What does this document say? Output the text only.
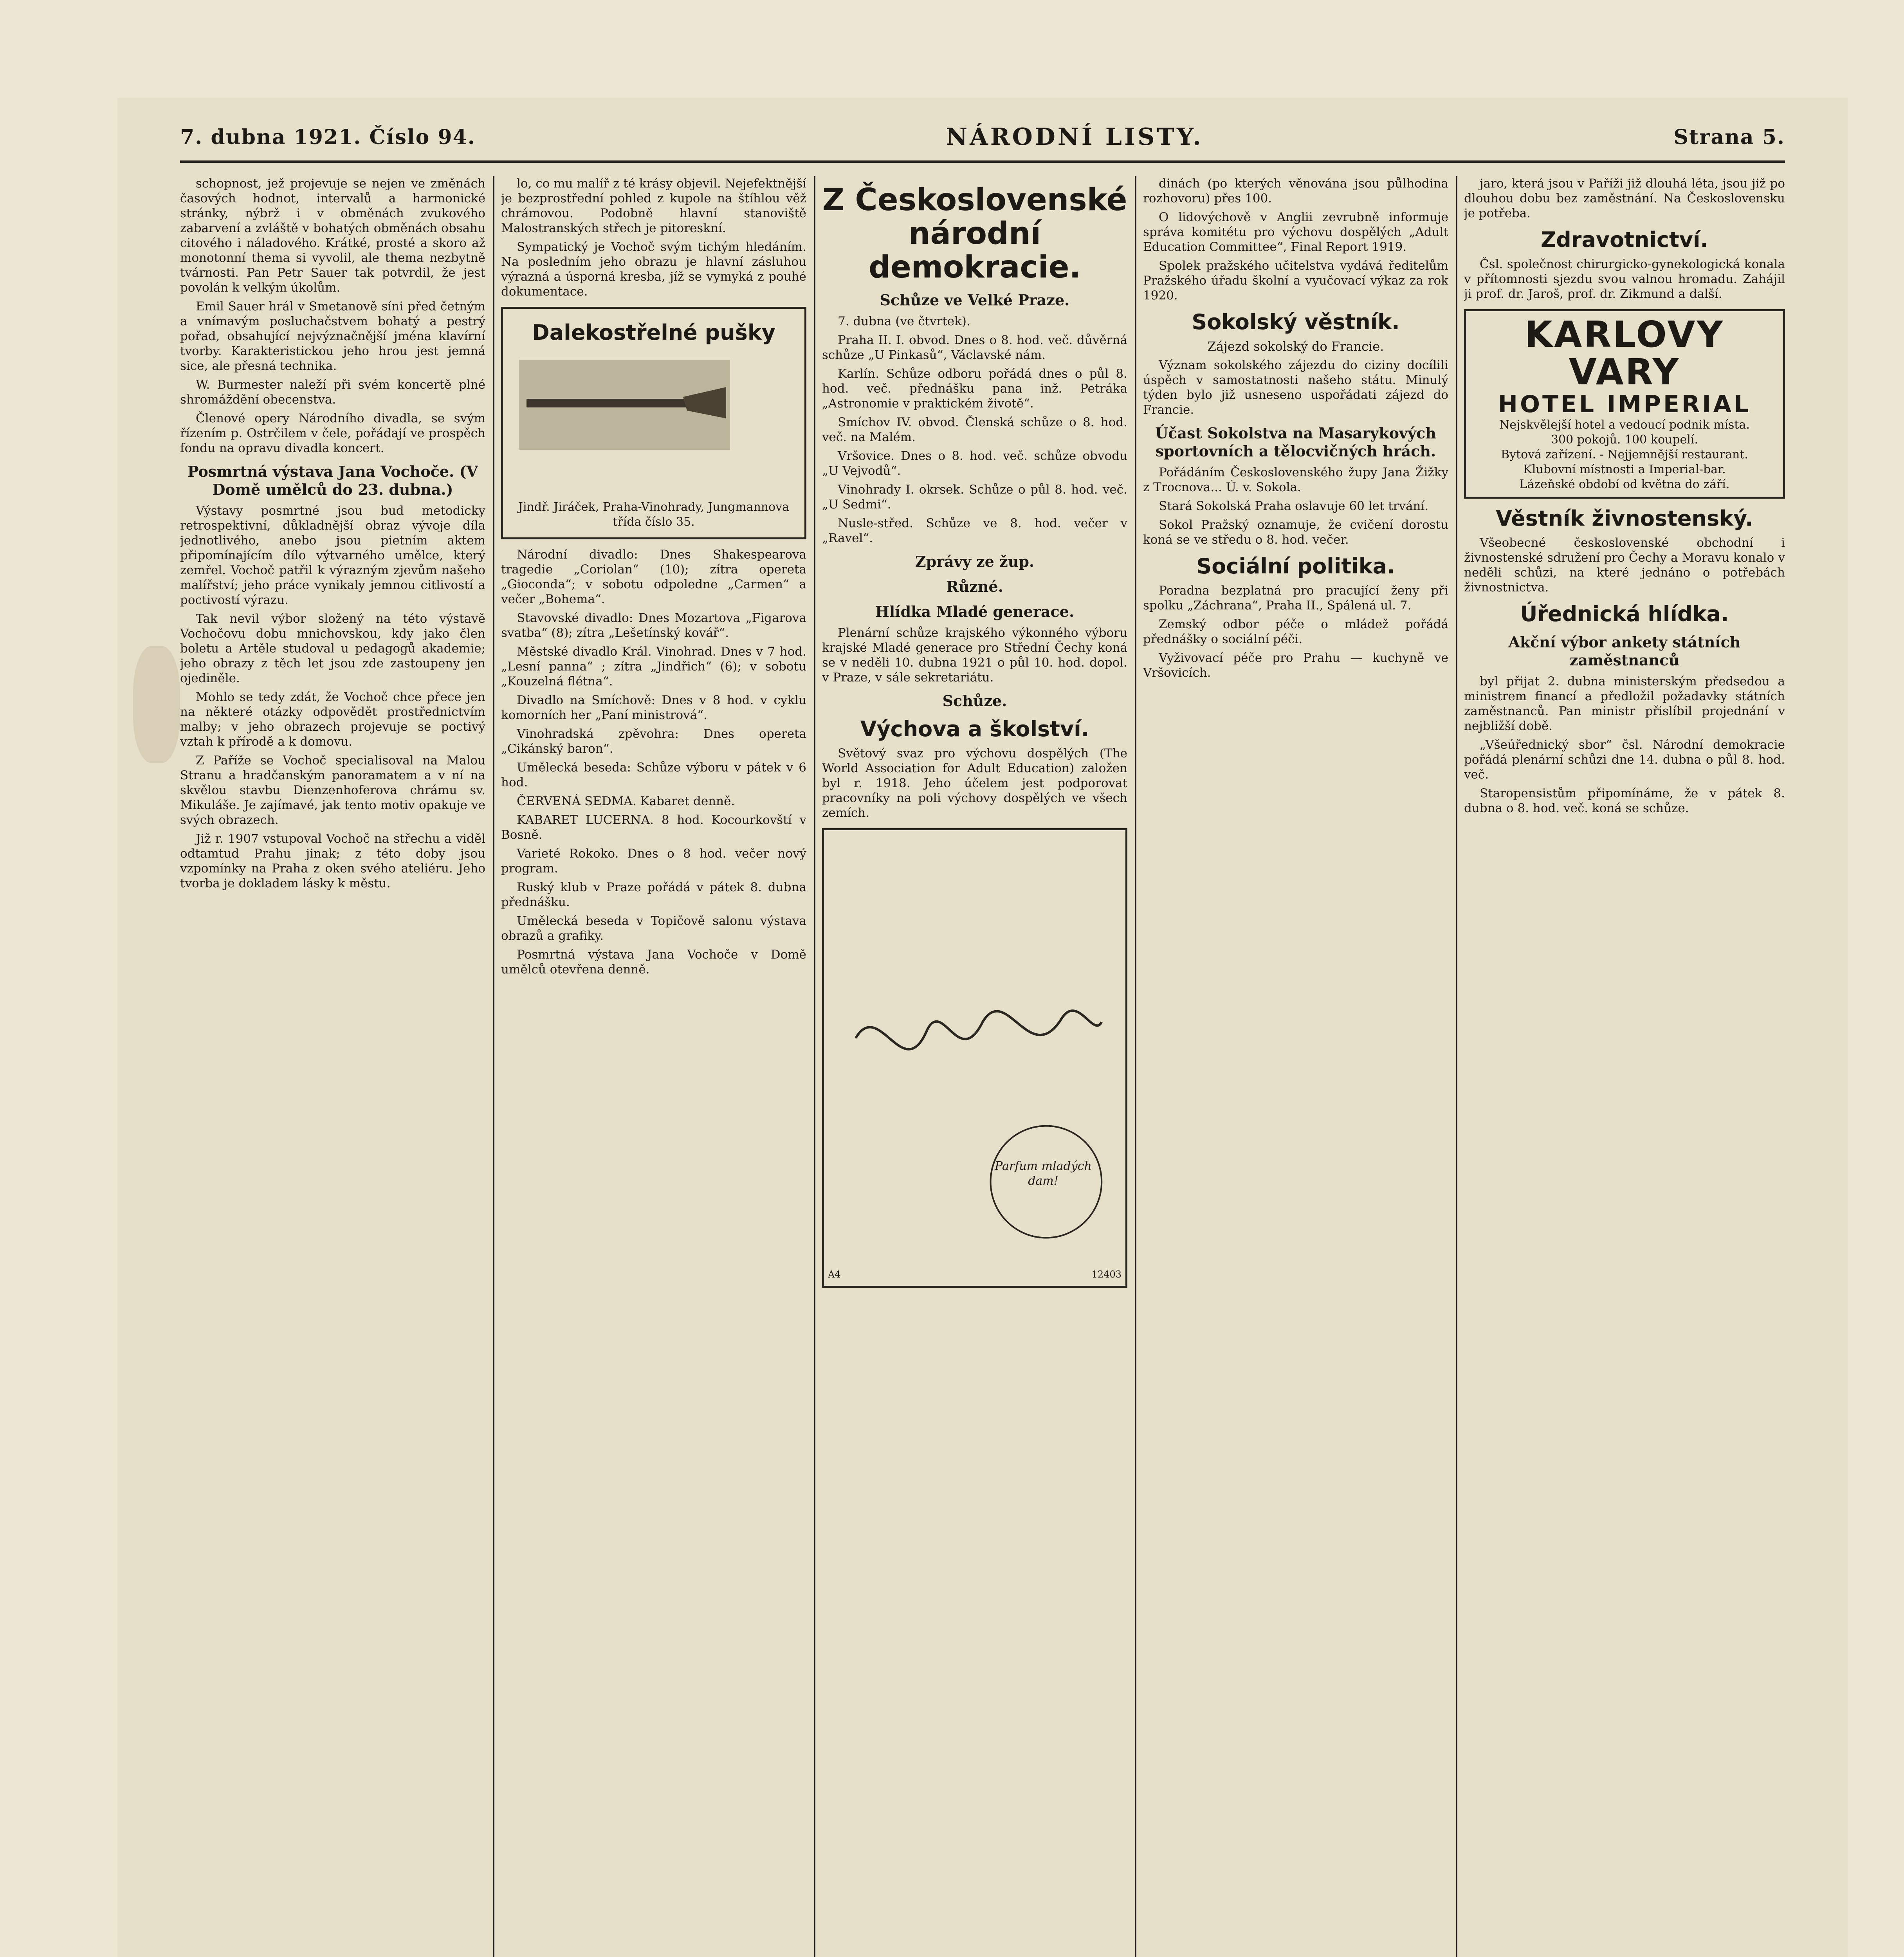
7. dubna 1921. Číslo 94.	NÁRODNÍ LISTY.	Strana 5.

schopnost, jež projevuje se nejen ve změnách časových hodnot, intervalů a harmonické stránky, nýbrž i v obměnách zvukového zabarvení a zvláště v bohatých obměnách obsahu citového i náladového. Krátké, prosté a skoro až monotonní thema si vyvolil, ale thema nezbytně tvárnosti. Pan Petr Sauer tak potvrdil, že jest povolán k velkým úkolům.

Emil Sauer hrál v Smetanově síni před četným a vnímavým posluchačstvem bohatý a pestrý pořad, obsahující nejvýznačnější jména klavírní tvorby. Karakteristickou jeho hrou jest jemná sice, ale přesná technika.

W. Burmester naleží při svém koncertě plné shromáždění obecenstva.

Členové opery Národního divadla, se svým řízením p. Ostrčilem v čele, pořádají ve prospěch fondu na opravu divadla koncert.

Posmrtná výstava Jana Vochoče. (V Domě umělců do 23. dubna.)

Výstavy posmrtné jsou bud metodicky retrospektivní, důkladnější obraz vývoje díla jednotlivého, anebo jsou pietním aktem připomínajícím dílo výtvarného umělce, který zemřel. Vochoč patřil k výrazným zjevům našeho malířství; jeho práce vynikaly jemnou citlivostí a poctivostí výrazu.

Tak nevil výbor složený na této výstavě Vochočovu dobu mnichovskou, kdy jako člen boletu a Artěle studoval u pedagogů akademie; jeho obrazy z těch let jsou zde zastoupeny jen ojediněle.

Mohlo se tedy zdát, že Vochoč chce přece jen na některé otázky odpovědět prostřednictvím malby; v jeho obrazech projevuje se poctivý vztah k přírodě a k domovu.

Z Paříže se Vochoč specialisoval na Malou Stranu a hradčanským panoramatem a v ní na skvělou stavbu Dienzenhoferova chrámu sv. Mikuláše. Je zajímavé, jak tento motiv opakuje ve svých obrazech.

Již r. 1907 vstupoval Vochoč na střechu a viděl odtamtud Prahu jinak; z této doby jsou vzpomínky na Praha z oken svého ateliéru. Jeho tvorba je dokladem lásky k městu.

lo, co mu malíř z té krásy objevil. Nejefektnější je bezprostřední pohled z kupole na štíhlou věž chrámovou. Podobně hlavní stanoviště Malostranských střech je pitoreskní.

Sympatický je Vochoč svým tichým hledáním. Na posledním jeho obrazu je hlavní zásluhou výrazná a úsporná kresba, jíž se vymyká z pouhé dokumentace.

Dalekostřelné pušky
Jindř. Jiráček, Praha-Vinohrady, Jungmannova třída číslo 35.

Národní divadlo: Dnes Shakespearova tragedie „Coriolan“ (10); zítra opereta „Gioconda“; v sobotu odpoledne „Carmen“ a večer „Bohema“.

Stavovské divadlo: Dnes Mozartova „Figarova svatba“ (8); zítra „Lešetínský kovář“.

Městské divadlo Král. Vinohrad. Dnes v 7 hod. „Lesní panna“ ; zítra „Jindřich“ (6); v sobotu „Kouzelná flétna“.

Divadlo na Smíchově: Dnes v 8 hod. v cyklu komorních her „Paní ministrová“.

Vinohradská zpěvohra: Dnes opereta „Cikánský baron“.

Umělecká beseda: Schůze výboru v pátek v 6 hod.

ČERVENÁ SEDMA. Kabaret denně.

KABARET LUCERNA. 8 hod. Kocourkovští v Bosně.

Varieté Rokoko. Dnes o 8 hod. večer nový program.

Ruský klub v Praze pořádá v pátek 8. dubna přednášku.

Umělecká beseda v Topičově salonu výstava obrazů a grafiky.

Posmrtná výstava Jana Vochoče v Domě umělců otevřena denně.

Z Československé národní demokracie.
Schůze ve Velké Praze.

7. dubna (ve čtvrtek).

Praha II. I. obvod. Dnes o 8. hod. več. důvěrná schůze „U Pinkasů“, Václavské nám.

Karlín. Schůze odboru pořádá dnes o půl 8. hod. več. přednášku pana inž. Petráka „Astronomie v praktickém životě“.

Smíchov IV. obvod. Členská schůze o 8. hod. več. na Malém.

Vršovice. Dnes o 8. hod. več. schůze obvodu „U Vejvodů“.

Vinohrady I. okrsek. Schůze o půl 8. hod. več. „U Sedmi“.

Nusle-střed. Schůze ve 8. hod. večer v „Ravel“.

Zprávy ze žup.
Různé.
Hlídka Mladé generace.

Plenární schůze krajského výkonného výboru krajské Mladé generace pro Střední Čechy koná se v neděli 10. dubna 1921 o půl 10. hod. dopol. v Praze, v sále sekretariátu.

Schůze.
Výchova a školství.

Světový svaz pro výchovu dospělých (The World Association for Adult Education) založen byl r. 1918. Jeho účelem jest podporovat pracovníky na poli výchovy dospělých ve všech zemích.

Parfum mladých dam!
A4	12403

dinách (po kterých věnována jsou půlhodina rozhovoru) přes 100.

O lidovýchově v Anglii zevrubně informuje správa komitétu pro výchovu dospělých „Adult Education Committee“, Final Report 1919.

Spolek pražského učitelstva vydává ředitelům Pražského úřadu školní a vyučovací výkaz za rok 1920.

Sokolský věstník.
Zájezd sokolský do Francie.

Význam sokolského zájezdu do ciziny docílili úspěch v samostatnosti našeho státu. Minulý týden bylo již usneseno uspořádati zájezd do Francie.

Účast Sokolstva na Masarykových sportovních a tělocvičných hrách.

Pořádáním Československého župy Jana Žižky z Trocnova... Ú. v. Sokola.

Stará Sokolská Praha oslavuje 60 let trvání.

Sokol Pražský oznamuje, že cvičení dorostu koná se ve středu o 8. hod. večer.

Sociální politika.

Poradna bezplatná pro pracující ženy při spolku „Záchrana“, Praha II., Spálená ul. 7.

Zemský odbor péče o mládež pořádá přednášky o sociální péči.

Vyživovací péče pro Prahu — kuchyně ve Vršovicích.

jaro, která jsou v Paříži již dlouhá léta, jsou již po dlouhou dobu bez zaměstnání. Na Československu je potřeba.

Zdravotnictví.

Čsl. společnost chirurgicko-gynekologická konala v přítomnosti sjezdu svou valnou hromadu. Zahájil ji prof. dr. Jaroš, prof. dr. Zikmund a další.

KARLOVY VARY
HOTEL IMPERIAL
Nejskvělejší hotel a vedoucí podnik místa.
300 pokojů. 100 koupelí.
Bytová zařízení. - Nejjemnější restaurant.
Klubovní místnosti a Imperial-bar.
Lázeňské období od května do září.
Věstník živnostenský.

Všeobecné československé obchodní i živnostenské sdružení pro Čechy a Moravu konalo v neděli schůzi, na které jednáno o potřebách živnostnictva.

Úřednická hlídka.
Akční výbor ankety státních zaměstnanců

byl přijat 2. dubna ministerským předsedou a ministrem financí a předložil požadavky státních zaměstnanců. Pan ministr přislíbil projednání v nejbližší době.

„Všeúřednický sbor“ čsl. Národní demokracie pořádá plenární schůzi dne 14. dubna o půl 8. hod. več.

Staropensistům připomínáme, že v pátek 8. dubna o 8. hod. več. koná se schůze.
